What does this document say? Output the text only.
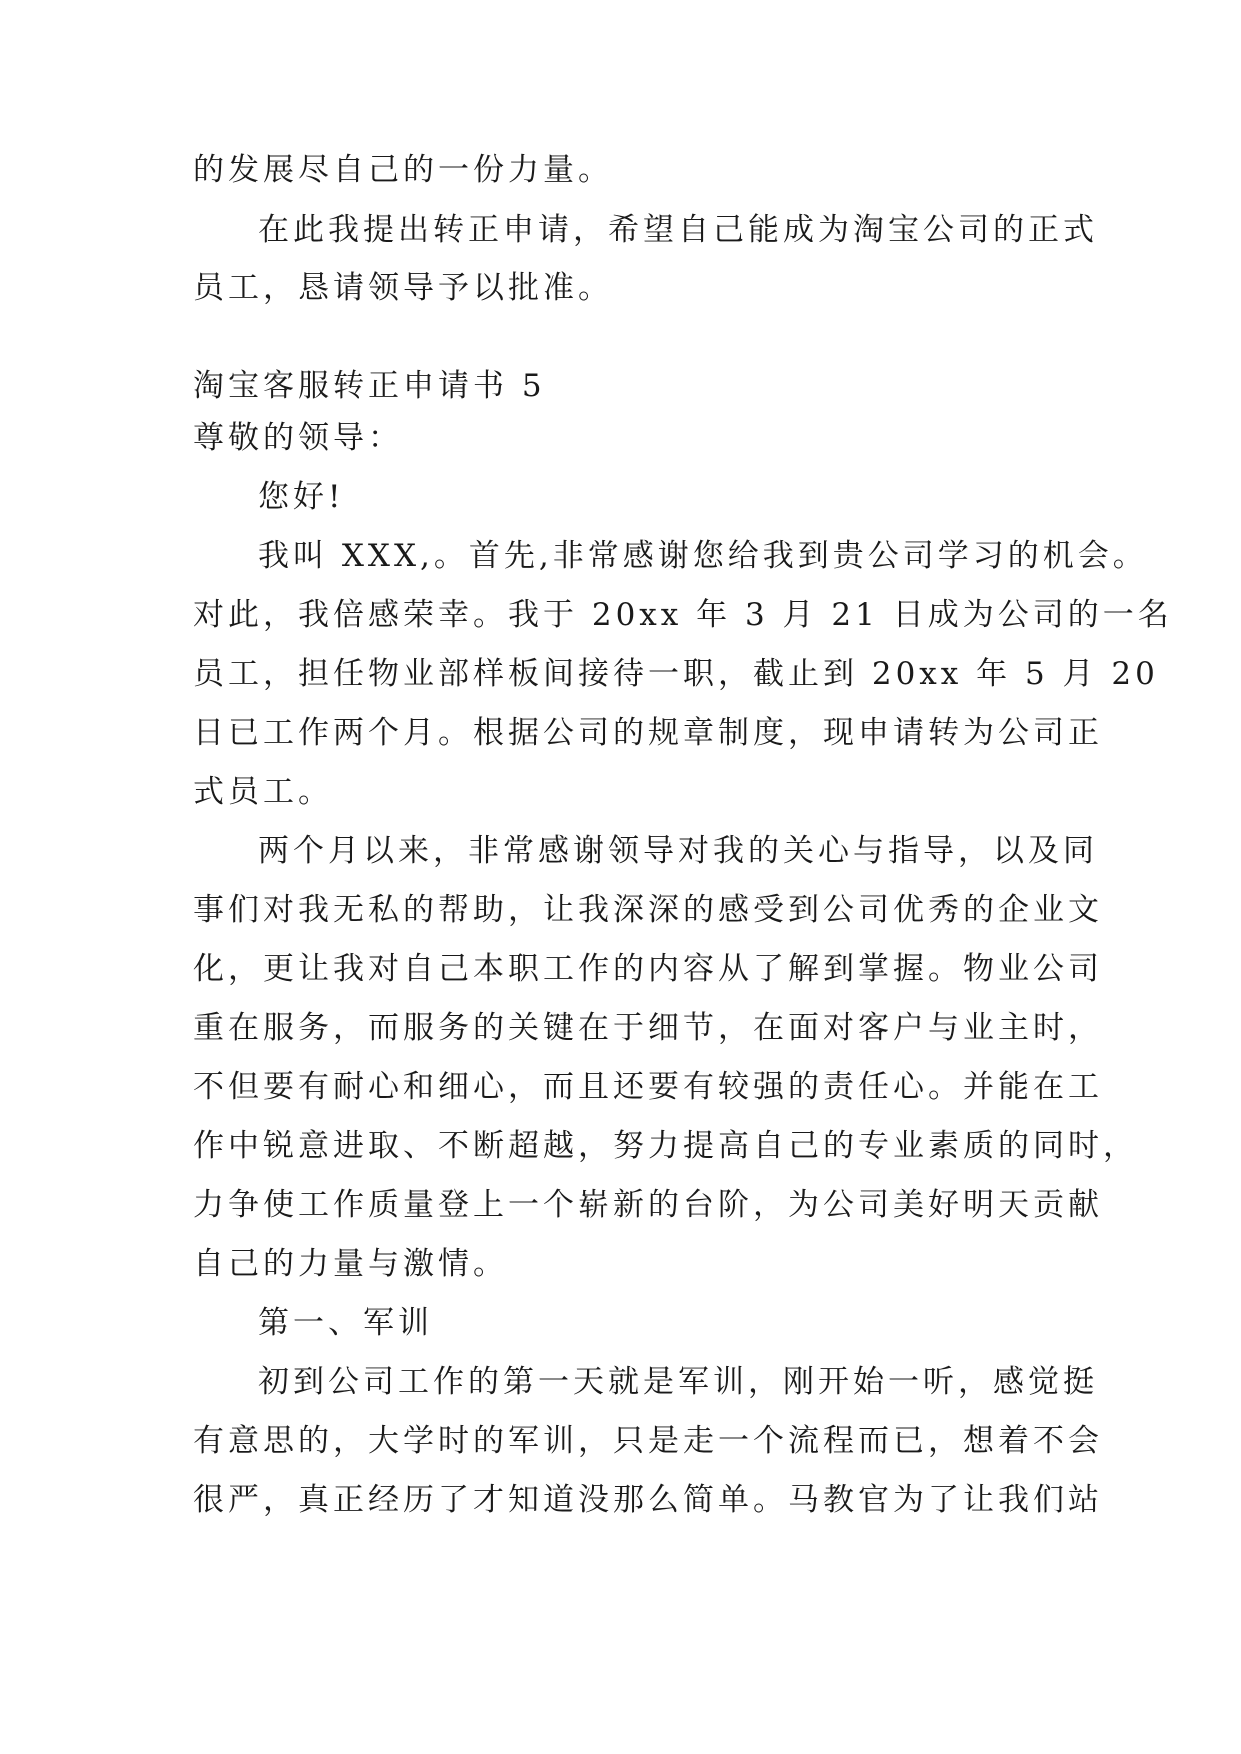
的发展尽自己的一份力量。
在此我提出转正申请，希望自己能成为淘宝公司的正式
员工，恳请领导予以批准。
淘宝客服转正申请书 5
尊敬的领导：
您好!
我叫 XXX,。首先,非常感谢您给我到贵公司学习的机会。
对此，我倍感荣幸。我于 20xx 年 3 月 21 日成为公司的一名
员工，担任物业部样板间接待一职，截止到 20xx 年 5 月 20
日已工作两个月。根据公司的规章制度，现申请转为公司正
式员工。
两个月以来，非常感谢领导对我的关心与指导，以及同
事们对我无私的帮助，让我深深的感受到公司优秀的企业文
化，更让我对自己本职工作的内容从了解到掌握。物业公司
重在服务，而服务的关键在于细节，在面对客户与业主时，
不但要有耐心和细心，而且还要有较强的责任心。并能在工
作中锐意进取、不断超越，努力提高自己的专业素质的同时，
力争使工作质量登上一个崭新的台阶，为公司美好明天贡献
自己的力量与激情。
第一、军训
初到公司工作的第一天就是军训，刚开始一听，感觉挺
有意思的，大学时的军训，只是走一个流程而已，想着不会
很严，真正经历了才知道没那么简单。马教官为了让我们站
